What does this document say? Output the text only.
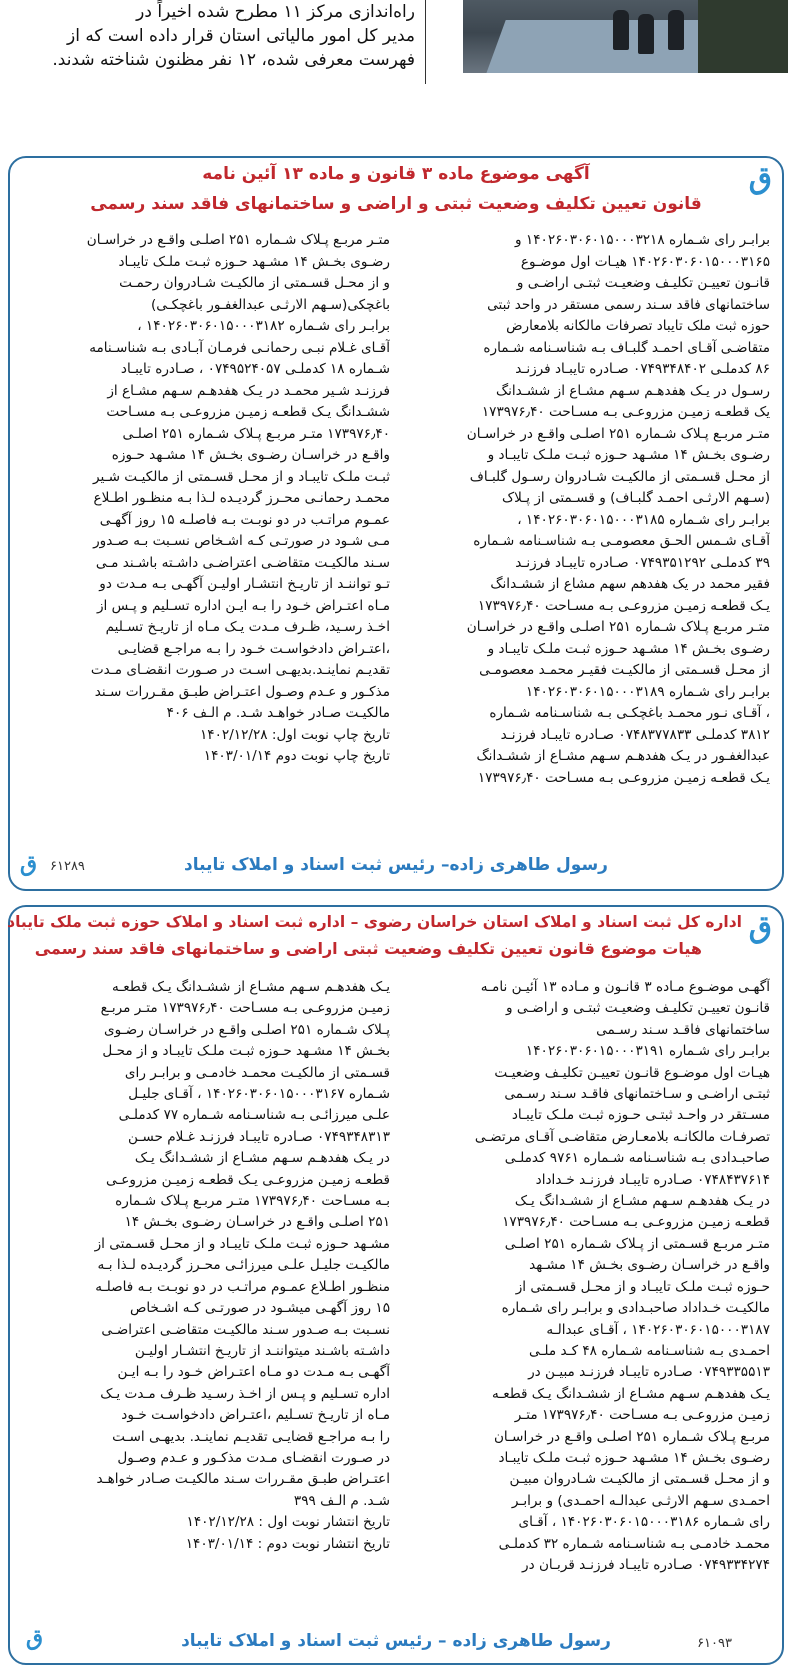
راه‌اندازی مرکز ۱۱ مطرح شده اخیراً در
مدیر کل امور مالیاتی استان قرار داده است که از
فهرست معرفی شده، ۱۲ نفر مظنون شناخته شدند.
ق
آگهی موضوع ماده ۳ قانون و ماده ۱۳ آئین نامه
قانون تعیین تکلیف وضعیت ثبتی و اراضی و ساختمانهای فاقد سند رسمی
برابـر رای شـماره ۱۴۰۲۶۰۳۰۶۰۱۵۰۰۰۳۲۱۸ و
۱۴۰۲۶۰۳۰۶۰۱۵۰۰۰۳۱۶۵ هیـات اول موضـوع
قانـون تعییـن تکلیـف وضعیـت ثبتـی اراضـی و
ساختمانهای فاقد سـند رسمی مستقر در واحد ثبتی
حوزه ثبت ملک تایباد تصرفات مالکانه بلامعارض
متقاضـی آقـای احمـد گلبـاف بـه شناسـنامه شـماره
۸۶ کدملـی ۰۷۴۹۳۴۸۴۰۲ صـادره تایبـاد فرزنـد
رسـول در یـک هفدهـم سـهم مشـاع از ششـدانگ
یک قطعـه زمیـن مزروعـی بـه مسـاحت ۱۷۳۹۷۶٫۴۰
متـر مربـع پـلاک شـماره ۲۵۱ اصلـی واقـع در خراسـان
رضـوی بخـش ۱۴ مشـهد حـوزه ثبـت ملـک تایبـاد و
از محـل قسـمتی از مالکیـت شـادروان رسـول گلبـاف
(سـهم الارثـی احمـد گلبـاف) و قسـمتی از پـلاک
برابـر رای شـماره ۱۴۰۲۶۰۳۰۶۰۱۵۰۰۰۳۱۸۵ ،
آقـای شـمس الحـق معصومـی بـه شناسـنامه شـماره
۳۹ کدملـی ۰۷۴۹۳۵۱۲۹۲ صـادره تایبـاد فرزنـد
فقیر محمد در یک هفدهم سهم مشاع از ششـدانگ
یـک قطعـه زمیـن مزروعـی بـه مسـاحت ۱۷۳۹۷۶٫۴۰
متـر مربـع پـلاک شـماره ۲۵۱ اصلـی واقـع در خراسـان
رضـوی بخـش ۱۴ مشـهد حـوزه ثبـت ملـک تایبـاد و
از محـل قسـمتی از مالکیـت فقیـر محمـد معصومـی
برابـر رای شـماره ۱۴۰۲۶۰۳۰۶۰۱۵۰۰۰۳۱۸۹
، آقـای نـور محمـد باغچکـی بـه شناسـنامه شـماره
۳۸۱۲ کدملـی ۰۷۴۸۳۷۷۸۳۳ صـادره تایبـاد فرزنـد
عبدالغفـور در یـک هفدهـم سـهم مشـاع از ششـدانگ
یـک قطعـه زمیـن مزروعـی بـه مسـاحت ۱۷۳۹۷۶٫۴۰
متـر مربـع پـلاک شـماره ۲۵۱ اصلـی واقـع در خراسـان
رضـوی بخـش ۱۴ مشـهد حـوزه ثبـت ملـک تایبـاد
و از محـل قسـمتی از مالکیـت شـادروان رحمـت
باغچکی(سـهم الارثـی عبدالغفـور باغچکـی)
برابـر رای شـماره ۱۴۰۲۶۰۳۰۶۰۱۵۰۰۰۳۱۸۲ ،
آقـای غـلام نبـی رحمانـی فرمـان آبـادی بـه شناسـنامه
شـماره ۱۸ کدملـی ۰۷۴۹۵۲۴۰۵۷ ، صـادره تایبـاد
فرزنـد شـیر محمـد در یـک هفدهـم سـهم مشـاع از
ششـدانگ یـک قطعـه زمیـن مزروعـی بـه مسـاحت
۱۷۳۹۷۶٫۴۰ متـر مربـع پـلاک شـماره ۲۵۱ اصلـی
واقـع در خراسـان رضـوی بخـش ۱۴ مشـهد حـوزه
ثبـت ملـک تایبـاد و از محـل قسـمتی از مالکیـت شـیر
محمـد رحمانـی محـرز گردیـده لـذا بـه منظـور اطـلاع
عمـوم مراتـب در دو نوبـت بـه فاصلـه ۱۵ روز آگهـی
مـی شـود در صورتـی کـه اشـخاص نسـبت بـه صـدور
سـند مالکیـت متقاضـی اعتراضـی داشـته باشـند مـی
تـو تواننـد از تاریـخ انتشـار اولیـن آگهـی بـه مـدت دو
مـاه اعتـراض خـود را بـه ایـن اداره تسـلیم و پـس از
اخـذ رسـید، ظـرف مـدت یـک مـاه از تاریـخ تسـلیم
،اعتـراض دادخواسـت خـود را بـه مراجـع قضایـی
تقدیـم نماینـد.بدیهـی اسـت در صـورت انقضـای مـدت
مذکـور و عـدم وصـول اعتـراض طبـق مقـررات سـند
مالکیـت صـادر خواهـد شـد. م الـف ۴۰۶
تاریخ چاپ نوبت اول: ۱۴۰۲/۱۲/۲۸
تاریخ چاپ نوبت دوم ۱۴۰۳/۰۱/۱۴
رسول طاهری زاده– رئیس ثبت اسناد و املاک تایباد
۶۱۲۸۹
ق
ق
اداره کل ثبت اسناد و املاک استان خراسان رضوی – اداره ثبت اسناد و املاک حوزه ثبت ملک تایباد
هیات موضوع قانون تعیین تکلیف وضعیت ثبتی اراضی و ساختمانهای فاقد سند رسمی
آگهـی موضـوع مـاده ۳ قانـون و مـاده ۱۳ آئیـن نامـه
قانـون تعییـن تکلیـف وضعیـت ثبتـی و اراضـی و
ساختمانهای فاقـد سـند رسـمی
برابـر رای شـماره ۱۴۰۲۶۰۳۰۶۰۱۵۰۰۰۳۱۹۱
هیـات اول موضـوع قانـون تعییـن تکلیـف وضعیـت
ثبتـی اراضـی و سـاختمانهای فاقـد سـند رسـمی
مسـتقر در واحـد ثبتـی حـوزه ثبـت ملـک تایبـاد
تصرفـات مالکانـه بلامعـارض متقاضـی آقـای مرتضـی
صاحبـدادی بـه شناسـنامه شـماره ۹۷۶۱ کدملـی
۰۷۴۸۴۳۷۶۱۴ صـادره تایبـاد فرزنـد خـداداد
در یـک هفدهـم سـهم مشـاع از ششـدانگ یـک
قطعـه زمیـن مزروعـی بـه مسـاحت ۱۷۳۹۷۶٫۴۰
متـر مربـع قسـمتی از پـلاک شـماره ۲۵۱ اصلـی
واقـع در خراسـان رضـوی بخـش ۱۴ مشـهد
حـوزه ثبـت ملـک تایبـاد و از محـل قسـمتی از
مالکیـت خـداداد صاحبـدادی و برابـر رای شـماره
۱۴۰۲۶۰۳۰۶۰۱۵۰۰۰۳۱۸۷ ، آقـای عبدالـه
احمـدی بـه شناسـنامه شـماره ۴۸ کـد ملـی
۰۷۴۹۳۳۵۵۱۳ صـادره تایبـاد فرزنـد مبیـن در
یـک هفدهـم سـهم مشـاع از ششـدانگ یـک قطعـه
زمیـن مزروعـی بـه مسـاحت ۱۷۳۹۷۶٫۴۰ متـر
مربـع پـلاک شـماره ۲۵۱ اصلـی واقـع در خراسـان
رضـوی بخـش ۱۴ مشـهد حـوزه ثبـت ملـک تایبـاد
و از محـل قسـمتی از مالکیـت شـادروان مبیـن
احمـدی سـهم الارثـی عبدالـه احمـدی) و برابـر
رای شـماره ۱۴۰۲۶۰۳۰۶۰۱۵۰۰۰۳۱۸۶ ، آقـای
محمـد خادمـی بـه شناسـنامه شـماره ۳۲ کدملـی
۰۷۴۹۳۳۴۲۷۴ صـادره تایبـاد فرزنـد قربـان در
یـک هفدهـم سـهم مشـاع از ششـدانگ یـک قطعـه
زمیـن مزروعـی بـه مسـاحت ۱۷۳۹۷۶٫۴۰ متـر مربـع
پـلاک شـماره ۲۵۱ اصلـی واقـع در خراسـان رضـوی
بخـش ۱۴ مشـهد حـوزه ثبـت ملـک تایبـاد و از محـل
قسـمتی از مالکیـت محمـد خادمـی و برابـر رای
شـماره ۱۴۰۲۶۰۳۰۶۰۱۵۰۰۰۳۱۶۷ ، آقـای جلیـل
علـی میرزائـی بـه شناسـنامه شـماره ۷۷ کدملـی
۰۷۴۹۳۴۸۳۱۳ صـادره تایبـاد فرزنـد غـلام حسـن
در یـک هفدهـم سـهم مشـاع از ششـدانگ یـک
قطعـه زمیـن مزروعـی یـک قطعـه زمیـن مزروعـی
بـه مسـاحت ۱۷۳۹۷۶٫۴۰ متـر مربـع پـلاک شـماره
۲۵۱ اصلـی واقـع در خراسـان رضـوی بخـش ۱۴
مشـهد حـوزه ثبـت ملـک تایبـاد و از محـل قسـمتی از
مالکیـت جلیـل علـی میرزائـی محـرز گردیـده لـذا بـه
منظـور اطـلاع عمـوم مراتـب در دو نوبـت بـه فاصلـه
۱۵ روز آگهـی میشـود در صورتـی کـه اشـخاص
نسـبت بـه صـدور سـند مالکیـت متقاضـی اعتراضـی
داشـته باشـند میتواننـد از تاریـخ انتشـار اولیـن
آگهـی بـه مـدت دو مـاه اعتـراض خـود را بـه ایـن
اداره تسـلیم و پـس از اخـذ رسـید ظـرف مـدت یـک
مـاه از تاریـخ تسـلیم ،اعتـراض دادخواسـت خـود
را بـه مراجـع قضایـی تقدیـم نماینـد. بدیهـی اسـت
در صـورت انقضـای مـدت مذکـور و عـدم وصـول
اعتـراض طبـق مقـررات سـند مالکیـت صـادر خواهـد
شـد. م الـف ۳۹۹
تاریخ انتشار نوبت اول : ۱۴۰۲/۱۲/۲۸
تاریخ انتشار نوبت دوم : ۱۴۰۳/۰۱/۱۴
رسول طاهری زاده – رئیس ثبت اسناد و املاک تایباد	۶۱۰۹۳
ق
